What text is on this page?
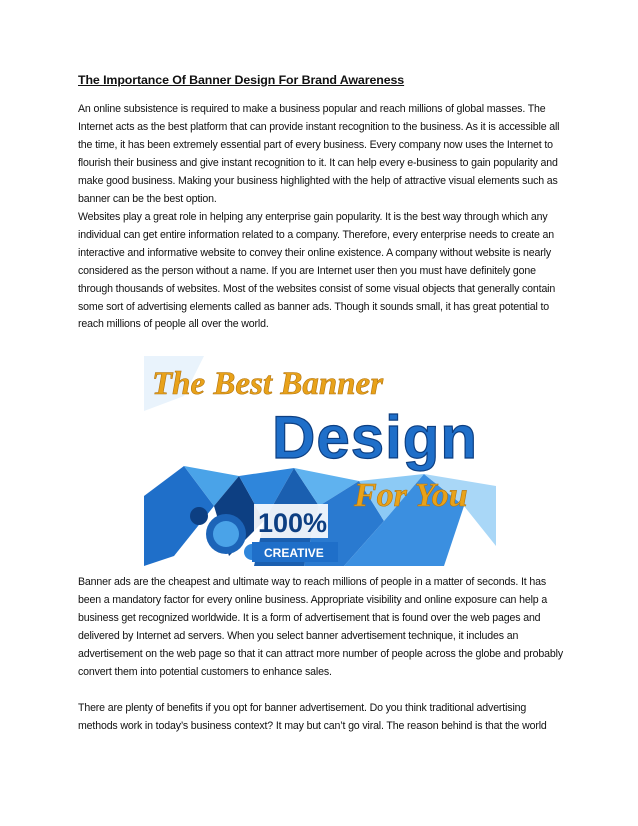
The Importance Of Banner Design For Brand Awareness

An online subsistence is required to make a business popular and reach millions of global masses. The Internet acts as the best platform that can provide instant recognition to the business. As it is accessible all the time, it has been extremely essential part of every business. Every company now uses the Internet to flourish their business and give instant recognition to it. It can help every e-business to gain popularity and make good business. Making your business highlighted with the help of attractive visual elements such as banner can be the best option.

Websites play a great role in helping any enterprise gain popularity. It is the best way through which any individual can get entire information related to a company. Therefore, every enterprise needs to create an interactive and informative website to convey their online existence. A company without website is nearly considered as the person without a name. If you are Internet user then you must have definitely gone through thousands of websites. Most of the websites consist of some visual objects that generally contain some sort of advertising elements called as banner ads. Though it sounds small, it has great potential to reach millions of people all over the world.

Banner ads are the cheapest and ultimate way to reach millions of people in a matter of seconds. It has been a mandatory factor for every online business. Appropriate visibility and online exposure can help a business get recognized worldwide. It is a form of advertisement that is found over the web pages and delivered by Internet ad servers. When you select banner advertisement technique, it includes an advertisement on the web page so that it can attract more number of people across the globe and probably convert them into potential customers to enhance sales.

There are plenty of benefits if you opt for banner advertisement. Do you think traditional advertising methods work in today’s business context? It may but can’t go viral. The reason behind is that the world

100%
CREATIVE
The Best Banner
Design
For You
